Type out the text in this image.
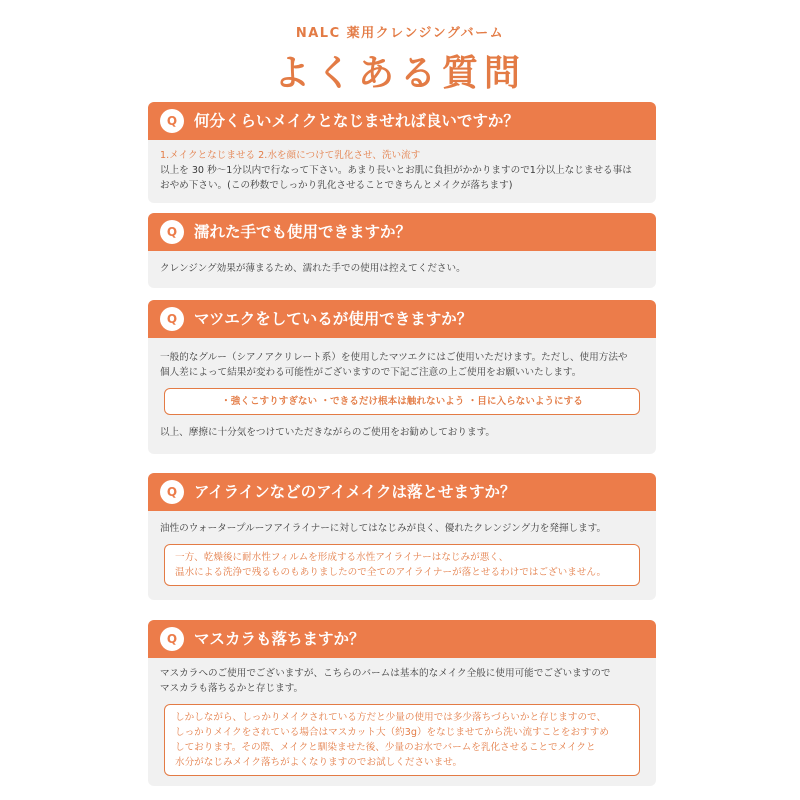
NALC 薬用クレンジングバーム
よくある質問
Q	何分くらいメイクとなじませれば良いですか？

1.メイクとなじませる 2.水を顔につけて乳化させ、洗い流す

以上を 30 秒〜1分以内で行なって下さい。あまり長いとお肌に負担がかかりますので1分以上なじませる事は

おやめ下さい。(この秒数でしっかり乳化させることできちんとメイクが落ちます)

Q	濡れた手でも使用できますか？

クレンジング効果が薄まるため、濡れた手での使用は控えてください。

Q	マツエクをしているが使用できますか？

一般的なグルー（シアノアクリレート系）を使用したマツエクにはご使用いただけます。ただし、使用方法や

個人差によって結果が変わる可能性がございますので下記ご注意の上ご使用をお願いいたします。

・強くこすりすぎない ・できるだけ根本は触れないよう ・目に入らないようにする

以上、摩擦に十分気をつけていただきながらのご使用をお勧めしております。

Q	アイラインなどのアイメイクは落とせますか？

油性のウォータープルーフアイライナーに対してはなじみが良く、優れたクレンジング力を発揮します。

一方、乾燥後に耐水性フィルムを形成する水性アイライナーはなじみが悪く、

温水による洗浄で残るものもありましたので全てのアイライナーが落とせるわけではございません。

Q	マスカラも落ちますか？

マスカラへのご使用でございますが、こちらのバームは基本的なメイク全般に使用可能でございますので

マスカラも落ちるかと存じます。

しかしながら、しっかりメイクされている方だと少量の使用では多少落ちづらいかと存じますので、

しっかりメイクをされている場合はマスカット大（約3g）をなじませてから洗い流すことをおすすめ

しております。その際、メイクと馴染ませた後、少量のお水でバームを乳化させることでメイクと

水分がなじみメイク落ちがよくなりますのでお試しくださいませ。
